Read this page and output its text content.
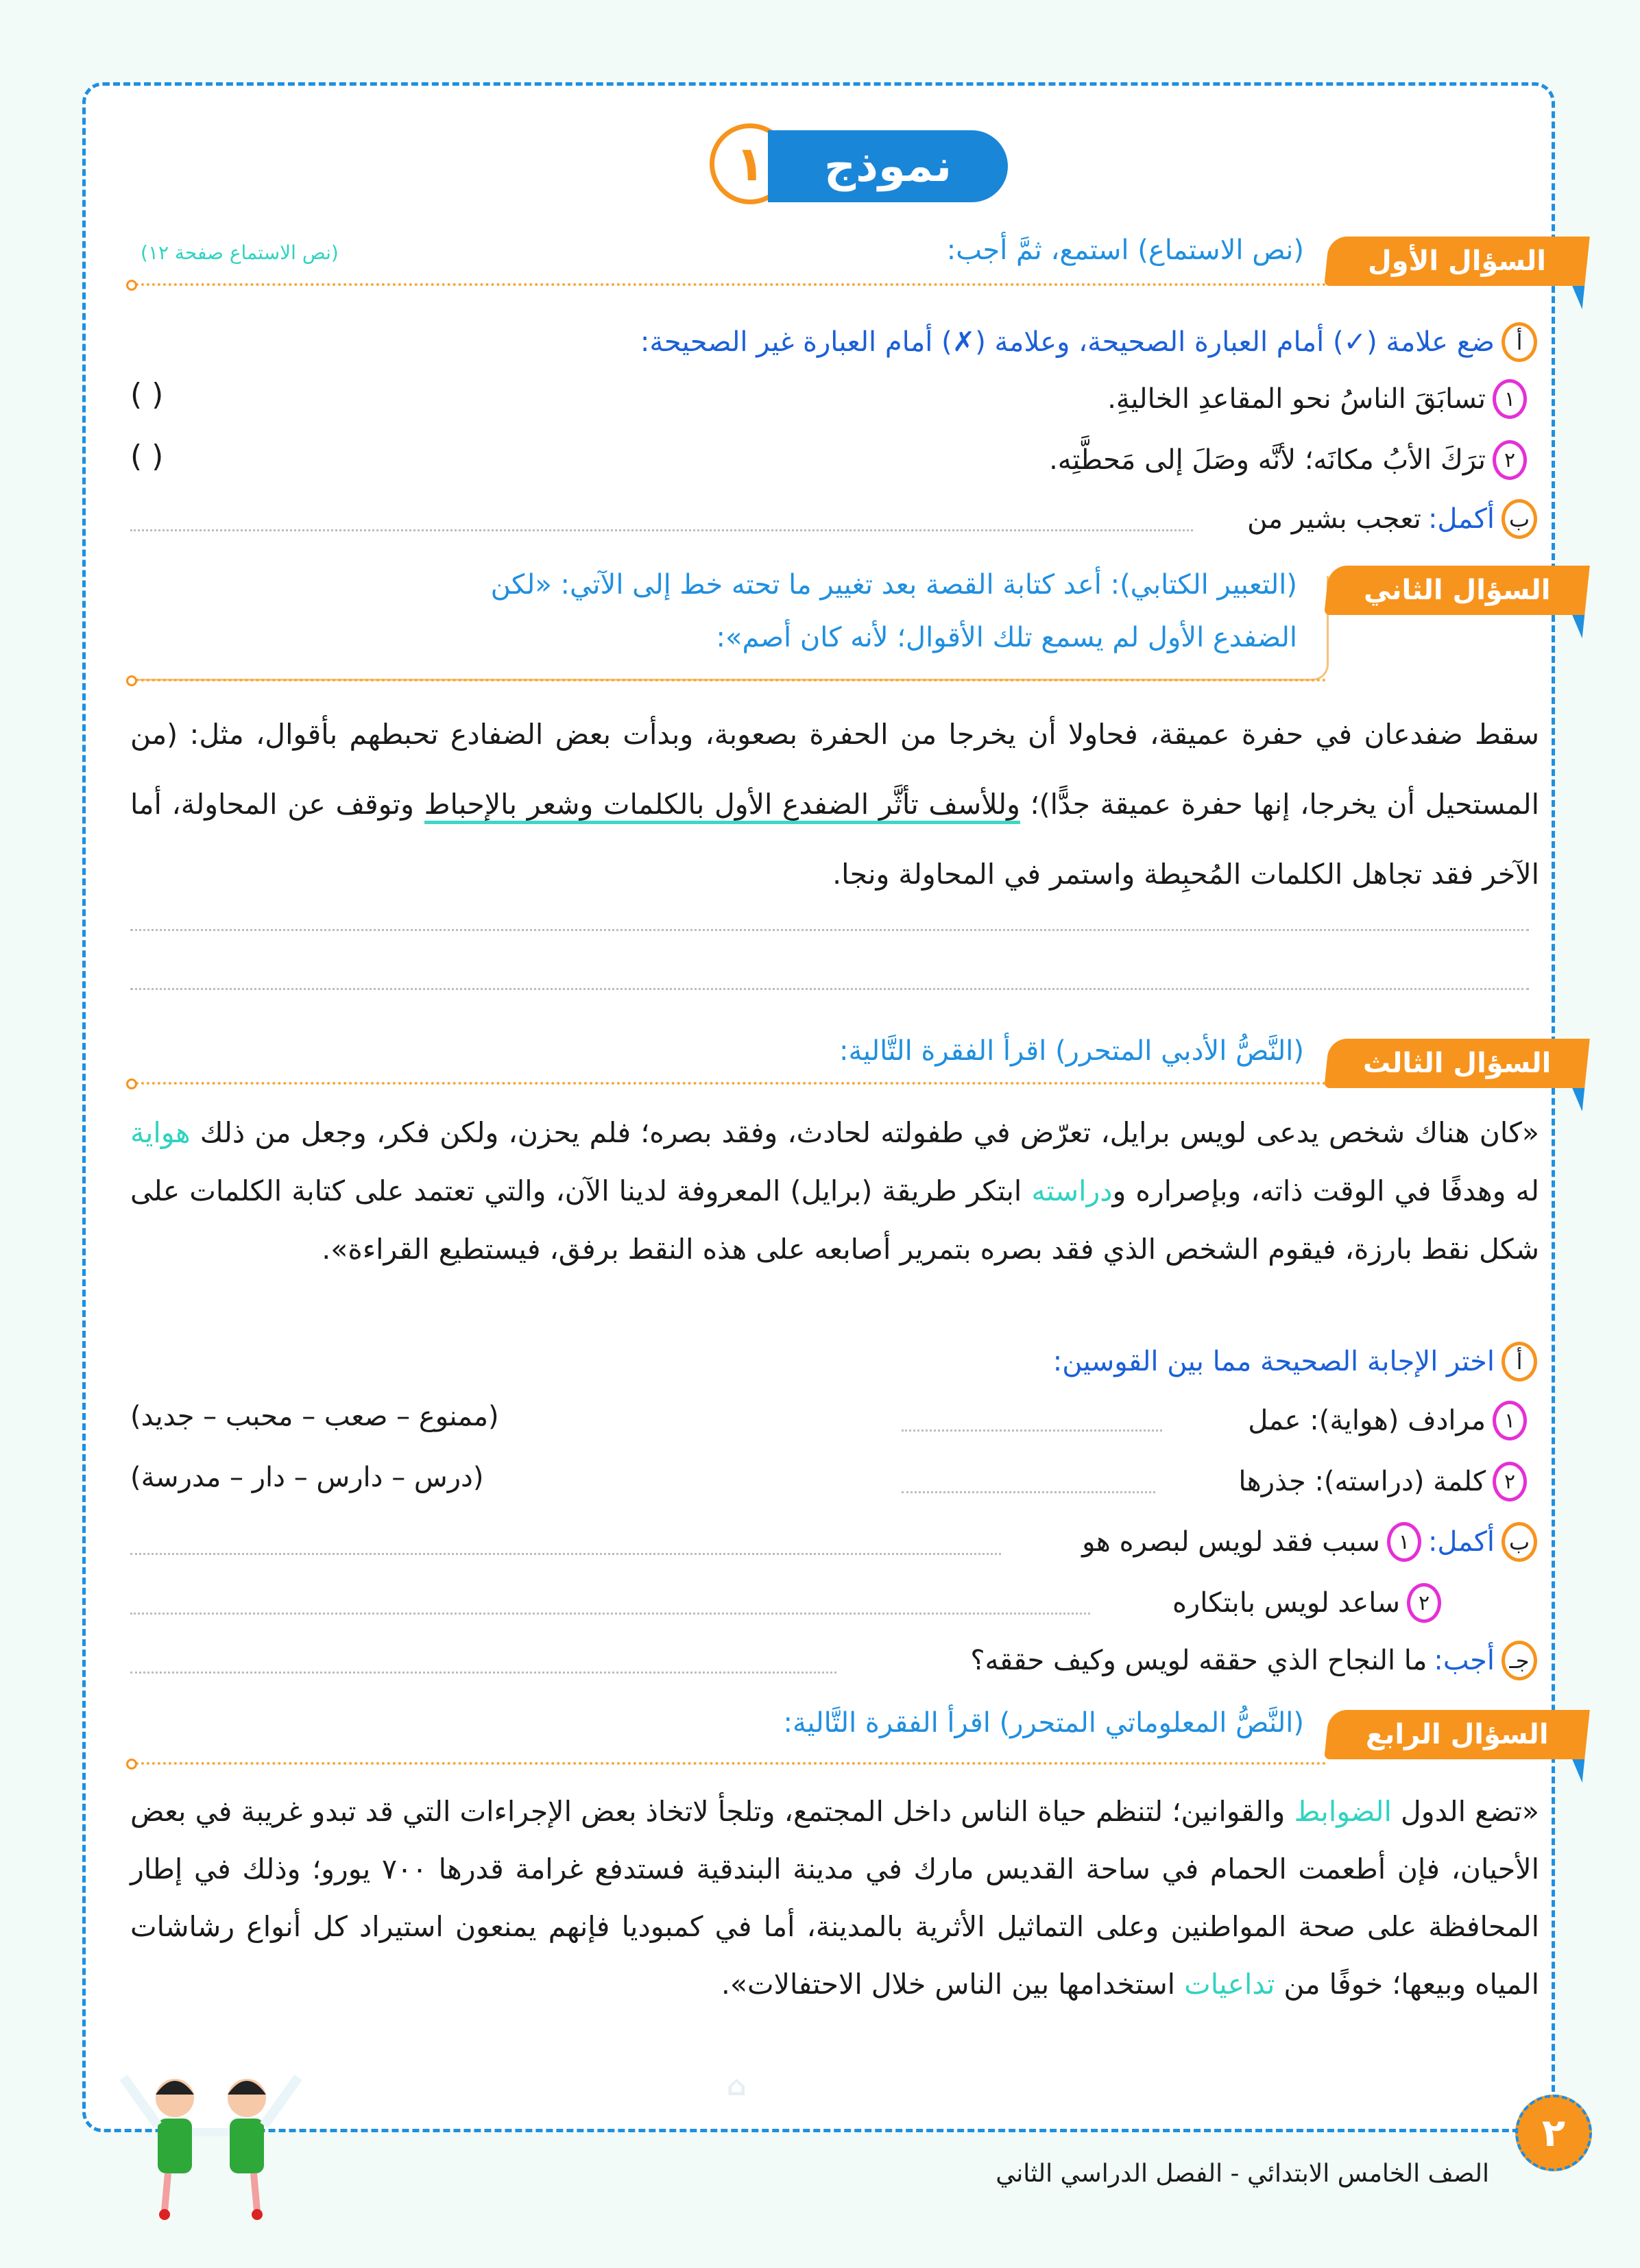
١	نموذج
السؤال الأول
(نص الاستماع) استمع، ثمَّ أجب:
(نص الاستماع صفحة ١٢)
أ
ضع علامة (✓) أمام العبارة الصحيحة، وعلامة (✗) أمام العبارة غير الصحيحة:
١
تسابَقَ الناسُ نحو المقاعدِ الخاليةِ.
( )
٢
ترَكَ الأبُ مكانَه؛ لأنَّه وصَلَ إلى مَحطَّتِه.
( )
ب
أكمل:
تعجب بشير من
السؤال الثاني
(التعبير الكتابي): أعد كتابة القصة بعد تغيير ما تحته خط إلى الآتي: «لكن
الضفدع الأول لم يسمع تلك الأقوال؛ لأنه كان أصم»:
سقط ضفدعان في حفرة عميقة، فحاولا أن يخرجا من الحفرة بصعوبة، وبدأت بعض الضفادع تحبطهم بأقوال، مثل: (من المستحيل أن يخرجا، إنها حفرة عميقة جدًّا)؛ وللأسف تأثَّر الضفدع الأول بالكلمات وشعر بالإحباط وتوقف عن المحاولة، أما الآخر فقد تجاهل الكلمات المُحبِطة واستمر في المحاولة ونجا.
السؤال الثالث
(النَّصُّ الأدبي المتحرر) اقرأ الفقرة التَّالية:
«كان هناك شخص يدعى لويس برايل، تعرّض في طفولته لحادث، وفقد بصره؛ فلم يحزن، ولكن فكر، وجعل من ذلك هواية له وهدفًا في الوقت ذاته، وبإصراره ودراسته ابتكر طريقة (برايل) المعروفة لدينا الآن، والتي تعتمد على كتابة الكلمات على شكل نقط بارزة، فيقوم الشخص الذي فقد بصره بتمرير أصابعه على هذه النقط برفق، فيستطيع القراءة».
أ
اختر الإجابة الصحيحة مما بين القوسين:
١
مرادف (هواية): عمل
(ممنوع – صعب – محبب – جديد)
٢
كلمة (دراسته): جذرها
(درس – دارس – دار – مدرسة)
ب
أكمل:
١
سبب فقد لويس لبصره هو
٢
ساعد لويس بابتكاره
جـ
أجب:
ما النجاح الذي حققه لويس وكيف حققه؟
السؤال الرابع
(النَّصُّ المعلوماتي المتحرر) اقرأ الفقرة التَّالية:
«تضع الدول الضوابط والقوانين؛ لتنظم حياة الناس داخل المجتمع، وتلجأ لاتخاذ بعض الإجراءات التي قد تبدو غريبة في بعض الأحيان، فإن أطعمت الحمام في ساحة القديس مارك في مدينة البندقية فستدفع غرامة قدرها ٧٠٠ يورو؛ وذلك في إطار المحافظة على صحة المواطنين وعلى التماثيل الأثرية بالمدينة، أما في كمبوديا فإنهم يمنعون استيراد كل أنواع رشاشات المياه وبيعها؛ خوفًا من تداعيات استخدامها بين الناس خلال الاحتفالات».
⌂
٢
الصف الخامس الابتدائي - الفصل الدراسي الثاني
